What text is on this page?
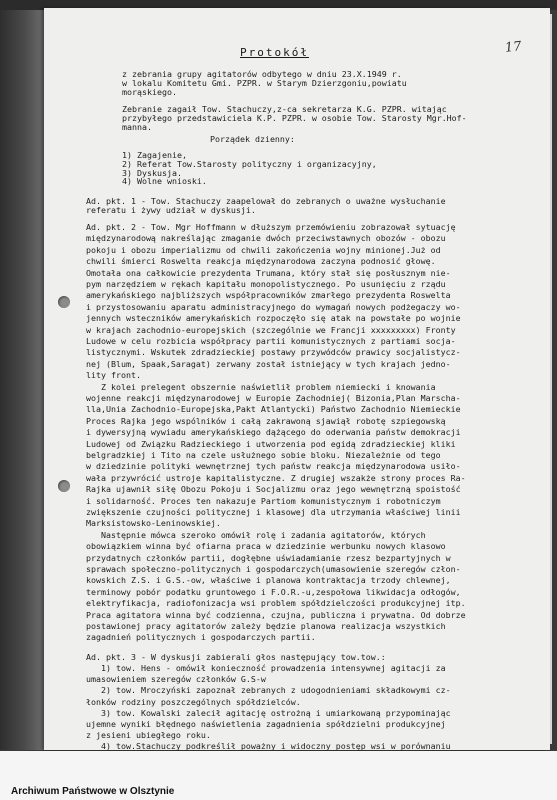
17
Protokół
z zebrania grupy agitatorów odbytego w dniu 23.X.1949 r.
w lokalu Komitetu Gmi. PZPR. w Starym Dzierzgoniu,powiatu
morąskiego.
Zebranie zagaił Tow. Stachuczy,z-ca sekretarza K.G. PZPR. witając
przybyłego przedstawiciela K.P. PZPR. w osobie Tow. Starosty Mgr.Hof-
manna.
Porządek dzienny:
1) Zagajenie,
2) Referat Tow.Starosty polityczny i organizacyjny,
3) Dyskusja.
4) Wolne wnioski.
Ad. pkt. 1 - Tow. Stachuczy zaapelował do zebranych o uważne wysłuchanie
referatu i żywy udział w dyskusji.
Ad. pkt. 2 - Tow. Mgr Hoffmann w dłuższym przemówieniu zobrazował sytuację
międzynarodową nakreślając zmaganie dwóch przeciwstawnych obozów - obozu
pokoju i obozu imperializmu od chwili zakończenia wojny minionej.Już od
chwili śmierci Roswelta reakcja międzynarodowa zaczyna podnosić głowę.
Omotała ona całkowicie prezydenta Trumana, który stał się posłusznym nie-
pym narzędziem w rękach kapitału monopolistycznego. Po usunięciu z rządu
amerykańskiego najbliższych współpracowników zmarłego prezydenta Roswelta
i przystosowaniu aparatu administracyjnego do wymagań nowych podżegaczy wo-
jennych wsteczników amerykańskich rozpoczęło się atak na powstałe po wojnie
w krajach zachodnio-europejskich (szczególnie we Francji xxxxxxxxx) Fronty
Ludowe w celu rozbicia współpracy partii komunistycznych z partiami socja-
listycznymi. Wskutek zdradzieckiej postawy przywódców prawicy socjalistycz-
nej (Blum, Spaak,Saragat) zerwany został istniejący w tych krajach jedno-
lity front.
Z kolei prelegent obszernie naświetlił problem niemiecki i knowania
wojenne reakcji międzynarodowej w Europie Zachodniej( Bizonia,Plan Marscha-
lla,Unia Zachodnio-Europejska,Pakt Atlantycki) Państwo Zachodnio Niemieckie
Proces Rajka jego wspólników i całą zakrawoną sjawiął robotę szpiegowską
i dywersyjną wywiadu amerykańskiego dążącego do oderwania państw demokracji
Ludowej od Związku Radzieckiego i utworzenia pod egidą zdradzieckiej kliki
belgradzkiej i Tito na czele usłużnego sobie bloku. Niezależnie od tego
w dziedzinie polityki wewnętrznej tych państw reakcja międzynarodowa usiło-
wała przywrócić ustroje kapitalistyczne. Z drugiej wszakże strony proces Ra-
Rajka ujawnił siłę Obozu Pokoju i Socjalizmu oraz jego wewnętrzną spoistość
i solidarność. Proces ten nakazuje Partiom komunistycznym i robotniczym
zwiększenie czujności politycznej i klasowej dla utrzymania właściwej linii
Marksistowsko-Leninowskiej.
Następnie mówca szeroko omówił rolę i zadania agitatorów, których
obowiązkiem winna być ofiarna praca w dziedzinie werbunku nowych klasowo
przydatnych członków partii, dogłębne uświadamianie rzesz bezpartyjnych w
sprawach społeczno-politycznych i gospodarczych(umasowienie szeregów człon-
kowskich Z.S. i G.S.-ow, właściwe i planowa kontraktacja trzody chlewnej,
terminowy pobór podatku gruntowego i F.O.R.-u,zespołowa likwidacja odłogów,
elektryfikacja, radiofonizacja wsi problem spółdzielczości produkcyjnej itp.
Praca agitatora winna być codzienna, czujna, publiczna i prywatna. Od dobrze
postawionej pracy agitatorów zależy będzie planowa realizacja wszystkich
zagadnień politycznych i gospodarczych partii.
Ad. pkt. 3 - W dyskusji zabierali głos następujący tow.tow.:
1) tow. Hens - omówił konieczność prowadzenia intensywnej agitacji za
umasowieniem szeregów członków G.S-w
2) tow. Mroczyński zapoznał zebranych z udogodnieniami składkowymi cz-
łonków rodziny poszczególnych spółdzielców.
3) tow. Kowalski zalecił agitację ostrożną i umiarkowaną przypominając
ujemne wyniki błędnego naświetlenia zagadnienia spółdzielni produkcyjnej
z jesieni ubiegłego roku.
4) tow.Stachuczy podkreślił poważny i widoczny postęp wsi w porównaniu
Archiwum Państwowe w Olsztynie
